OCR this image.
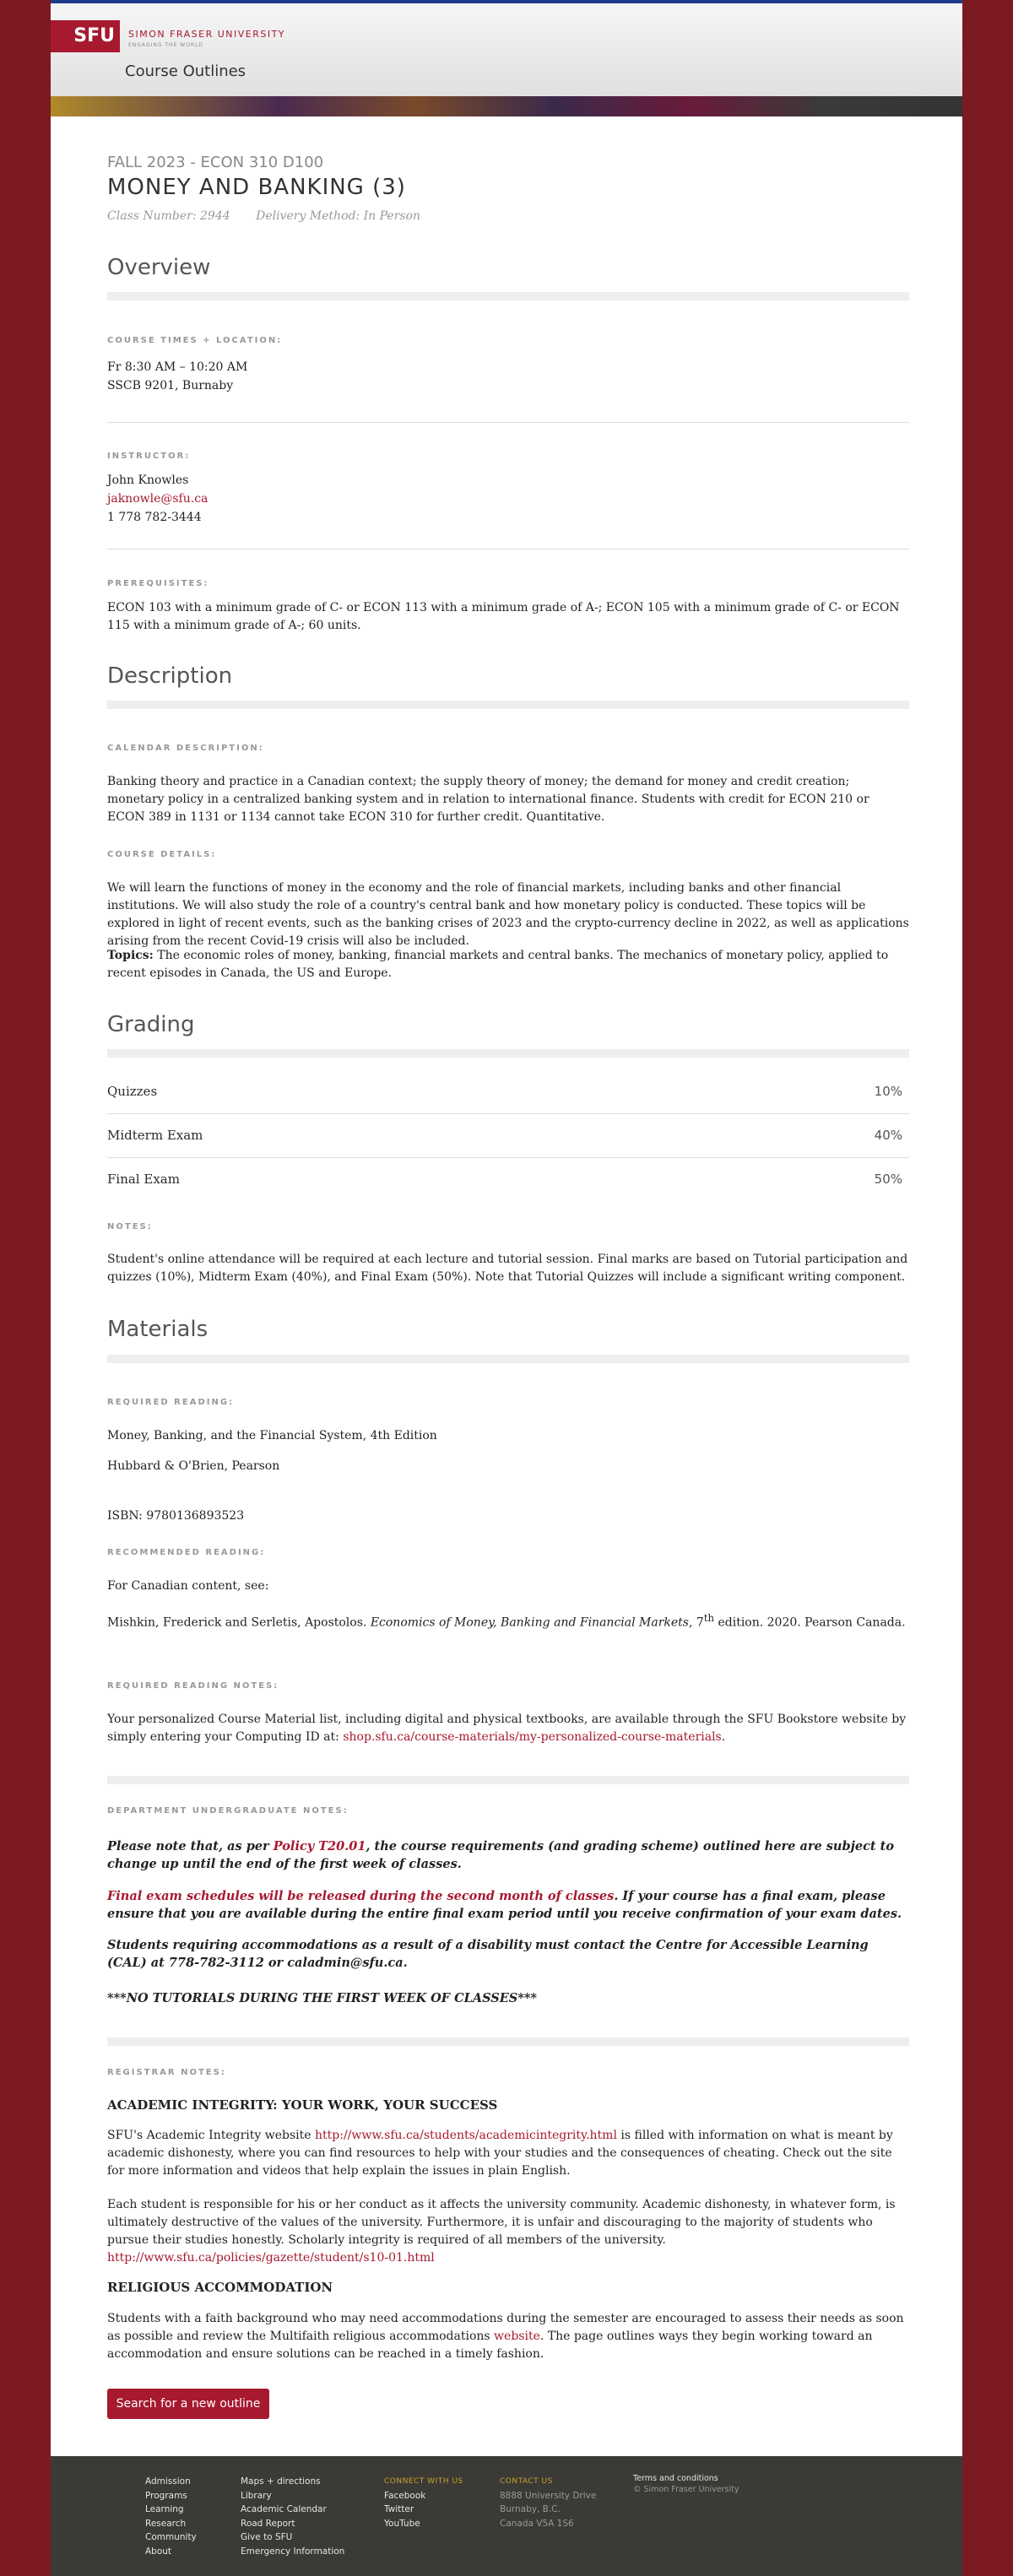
SFU	SIMON FRASER UNIVERSITY
ENGAGING THE WORLD
Course Outlines
FALL 2023 - ECON 310 D100
MONEY AND BANKING (3)
Class Number: 2944 Delivery Method: In Person
Overview
COURSE TIMES + LOCATION:
Fr 8:30 AM – 10:20 AM
SSCB 9201, Burnaby
INSTRUCTOR:
John Knowles
jaknowle@sfu.ca
1 778 782-3444
PREREQUISITES:
ECON 103 with a minimum grade of C- or ECON 113 with a minimum grade of A-; ECON 105 with a minimum grade of C- or ECON 115 with a minimum grade of A-; 60 units.
Description
CALENDAR DESCRIPTION:
Banking theory and practice in a Canadian context; the supply theory of money; the demand for money and credit creation; monetary policy in a centralized banking system and in relation to international finance. Students with credit for ECON 210 or ECON 389 in 1131 or 1134 cannot take ECON 310 for further credit. Quantitative.
COURSE DETAILS:
We will learn the functions of money in the economy and the role of financial markets, including banks and other financial institutions. We will also study the role of a country's central bank and how monetary policy is conducted. These topics will be explored in light of recent events, such as the banking crises of 2023 and the crypto-currency decline in 2022, as well as applications arising from the recent Covid-19 crisis will also be included.
Topics: The economic roles of money, banking, financial markets and central banks. The mechanics of monetary policy, applied to recent episodes in Canada, the US and Europe.
Grading
Quizzes	10%
Midterm Exam	40%
Final Exam	50%
NOTES:
Student's online attendance will be required at each lecture and tutorial session. Final marks are based on Tutorial participation and quizzes (10%), Midterm Exam (40%), and Final Exam (50%). Note that Tutorial Quizzes will include a significant writing component.
Materials
REQUIRED READING:
Money, Banking, and the Financial System, 4th Edition
Hubbard & O'Brien, Pearson
ISBN: 9780136893523
RECOMMENDED READING:
For Canadian content, see:
Mishkin, Frederick and Serletis, Apostolos. Economics of Money, Banking and Financial Markets, 7th edition. 2020. Pearson Canada.
REQUIRED READING NOTES:
Your personalized Course Material list, including digital and physical textbooks, are available through the SFU Bookstore website by simply entering your Computing ID at: shop.sfu.ca/course-materials/my-personalized-course-materials.
DEPARTMENT UNDERGRADUATE NOTES:
Please note that, as per Policy T20.01, the course requirements (and grading scheme) outlined here are subject to change up until the end of the first week of classes.
Final exam schedules will be released during the second month of classes. If your course has a final exam, please ensure that you are available during the entire final exam period until you receive confirmation of your exam dates.
Students requiring accommodations as a result of a disability must contact the Centre for Accessible Learning (CAL) at 778-782-3112 or caladmin@sfu.ca.
***NO TUTORIALS DURING THE FIRST WEEK OF CLASSES***
REGISTRAR NOTES:
ACADEMIC INTEGRITY: YOUR WORK, YOUR SUCCESS
SFU's Academic Integrity website http://www.sfu.ca/students/academicintegrity.html is filled with information on what is meant by academic dishonesty, where you can find resources to help with your studies and the consequences of cheating. Check out the site for more information and videos that help explain the issues in plain English.
Each student is responsible for his or her conduct as it affects the university community. Academic dishonesty, in whatever form, is ultimately destructive of the values of the university. Furthermore, it is unfair and discouraging to the majority of students who pursue their studies honestly. Scholarly integrity is required of all members of the university. http://www.sfu.ca/policies/gazette/student/s10-01.html
RELIGIOUS ACCOMMODATION
Students with a faith background who may need accommodations during the semester are encouraged to assess their needs as soon as possible and review the Multifaith religious accommodations website. The page outlines ways they begin working toward an accommodation and ensure solutions can be reached in a timely fashion.
Search for a new outline
Admission
Programs
Learning
Research
Community
About
Maps + directions
Library
Academic Calendar
Road Report
Give to SFU
Emergency Information
CONNECT WITH US
Facebook
Twitter
YouTube
CONTACT US
8888 University Drive
Burnaby, B.C.
Canada V5A 1S6
Terms and conditions
© Simon Fraser University
